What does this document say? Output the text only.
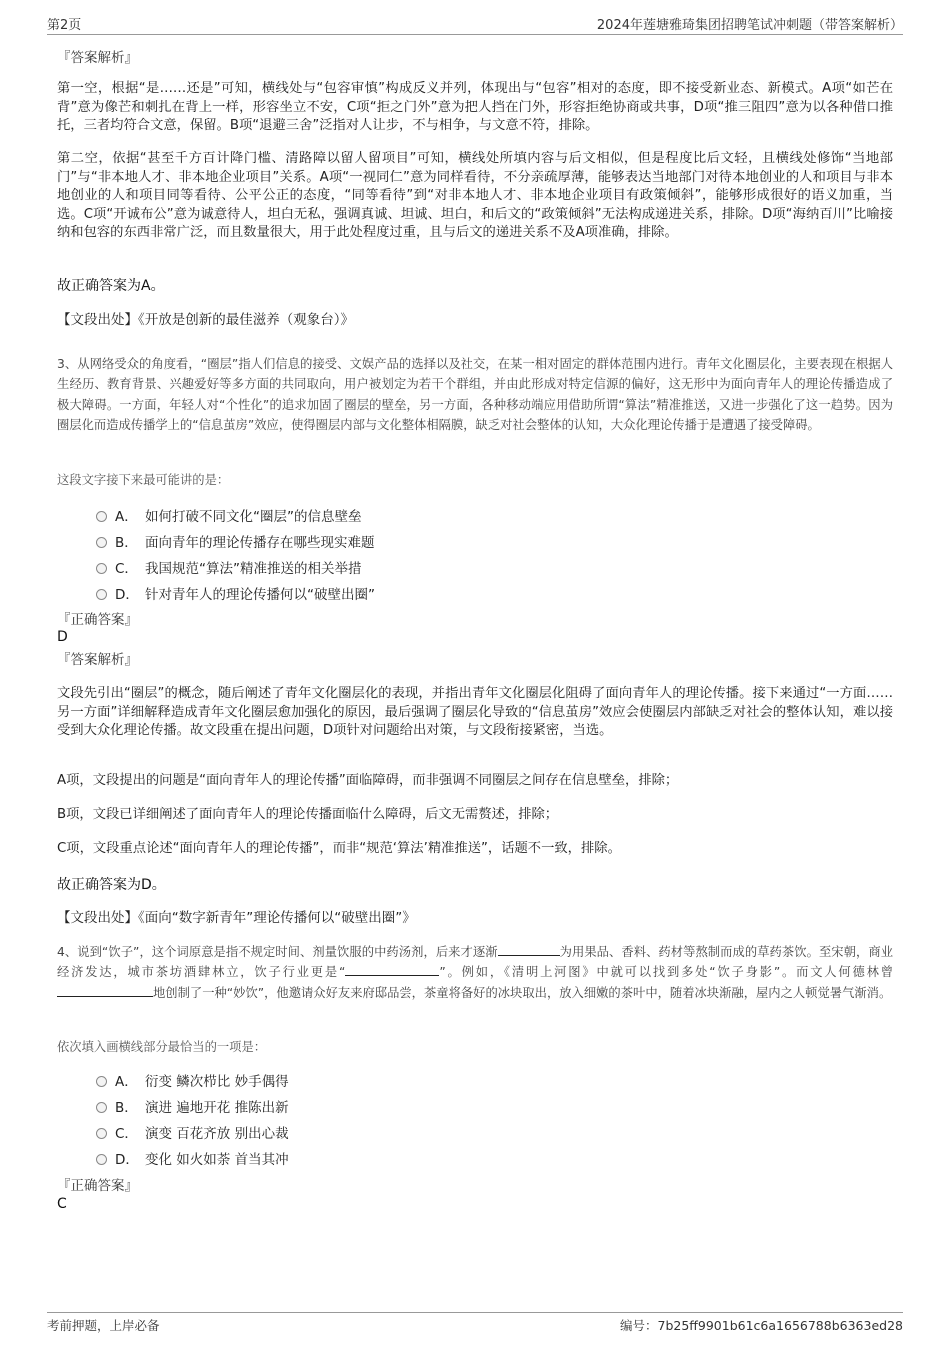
第2页	2024年莲塘雅琦集团招聘笔试冲刺题（带答案解析）
『答案解析』

第一空，根据“是……还是”可知，横线处与“包容审慎”构成反义并列，体现出与“包容”相对的态度，即不接受新业态、新模式。A项“如芒在背”意为像芒和刺扎在背上一样，形容坐立不安，C项“拒之门外”意为把人挡在门外，形容拒绝协商或共事，D项“推三阻四”意为以各种借口推托，三者均符合文意，保留。B项“退避三舍”泛指对人让步，不与相争，与文意不符，排除。

第二空，依据“甚至千方百计降门槛、清路障以留人留项目”可知，横线处所填内容与后文相似，但是程度比后文轻，且横线处修饰“当地部门”与“非本地人才、非本地企业项目”关系。A项“一视同仁”意为同样看待，不分亲疏厚薄，能够表达当地部门对待本地创业的人和项目与非本地创业的人和项目同等看待、公平公正的态度，“同等看待”到“对非本地人才、非本地企业项目有政策倾斜”，能够形成很好的语义加重，当选。C项“开诚布公”意为诚意待人，坦白无私，强调真诚、坦诚、坦白，和后文的“政策倾斜”无法构成递进关系，排除。D项“海纳百川”比喻接纳和包容的东西非常广泛，而且数量很大，用于此处程度过重，且与后文的递进关系不及A项准确，排除。

故正确答案为A。
【文段出处】《开放是创新的最佳滋养（观象台）》

3、从网络受众的角度看，“圈层”指人们信息的接受、文娱产品的选择以及社交，在某一相对固定的群体范围内进行。青年文化圈层化，主要表现在根据人生经历、教育背景、兴趣爱好等多方面的共同取向，用户被划定为若干个群组，并由此形成对特定信源的偏好，这无形中为面向青年人的理论传播造成了极大障碍。一方面，年轻人对“个性化”的追求加固了圈层的壁垒，另一方面，各种移动端应用借助所谓“算法”精准推送，又进一步强化了这一趋势。因为圈层化而造成传播学上的“信息茧房”效应，使得圈层内部与文化整体相隔膜，缺乏对社会整体的认知，大众化理论传播于是遭遇了接受障碍。

这段文字接下来最可能讲的是：
A． 如何打破不同文化“圈层”的信息壁垒
B． 面向青年的理论传播存在哪些现实难题
C． 我国规范“算法”精准推送的相关举措
D． 针对青年人的理论传播何以“破壁出圈”
『正确答案』
D
『答案解析』

文段先引出“圈层”的概念，随后阐述了青年文化圈层化的表现，并指出青年文化圈层化阻碍了面向青年人的理论传播。接下来通过“一方面……另一方面”详细解释造成青年文化圈层愈加强化的原因，最后强调了圈层化导致的“信息茧房”效应会使圈层内部缺乏对社会的整体认知，难以接受到大众化理论传播。故文段重在提出问题，D项针对问题给出对策，与文段衔接紧密，当选。

A项，文段提出的问题是“面向青年人的理论传播”面临障碍，而非强调不同圈层之间存在信息壁垒，排除；
B项，文段已详细阐述了面向青年人的理论传播面临什么障碍，后文无需赘述，排除；
C项，文段重点论述“面向青年人的理论传播”，而非“规范‘算法’精准推送”，话题不一致，排除。
故正确答案为D。
【文段出处】《面向“数字新青年”理论传播何以“破壁出圈”》

4、说到“饮子”，这个词原意是指不规定时间、剂量饮服的中药汤剂，后来才逐渐	为用果品、香料、药材等熬制而成的草药茶饮。至宋朝，商业经济发达，城市茶坊酒肆林立，饮子行业更是“	”。例如，《清明上河图》中就可以找到多处“饮子身影”。而文人何德林曾地创制了一种“妙饮”，他邀请众好友来府邸品尝，茶童将备好的冰块取出，放入细嫩的茶叶中，随着冰块渐融，屋内之人顿觉暑气渐消。

依次填入画横线部分最恰当的一项是：
A． 衍变 鳞次栉比 妙手偶得
B． 演进 遍地开花 推陈出新
C． 演变 百花齐放 别出心裁
D． 变化 如火如荼 首当其冲
『正确答案』
C
考前押题，上岸必备	编号：7b25ff9901b61c6a1656788b6363ed28
